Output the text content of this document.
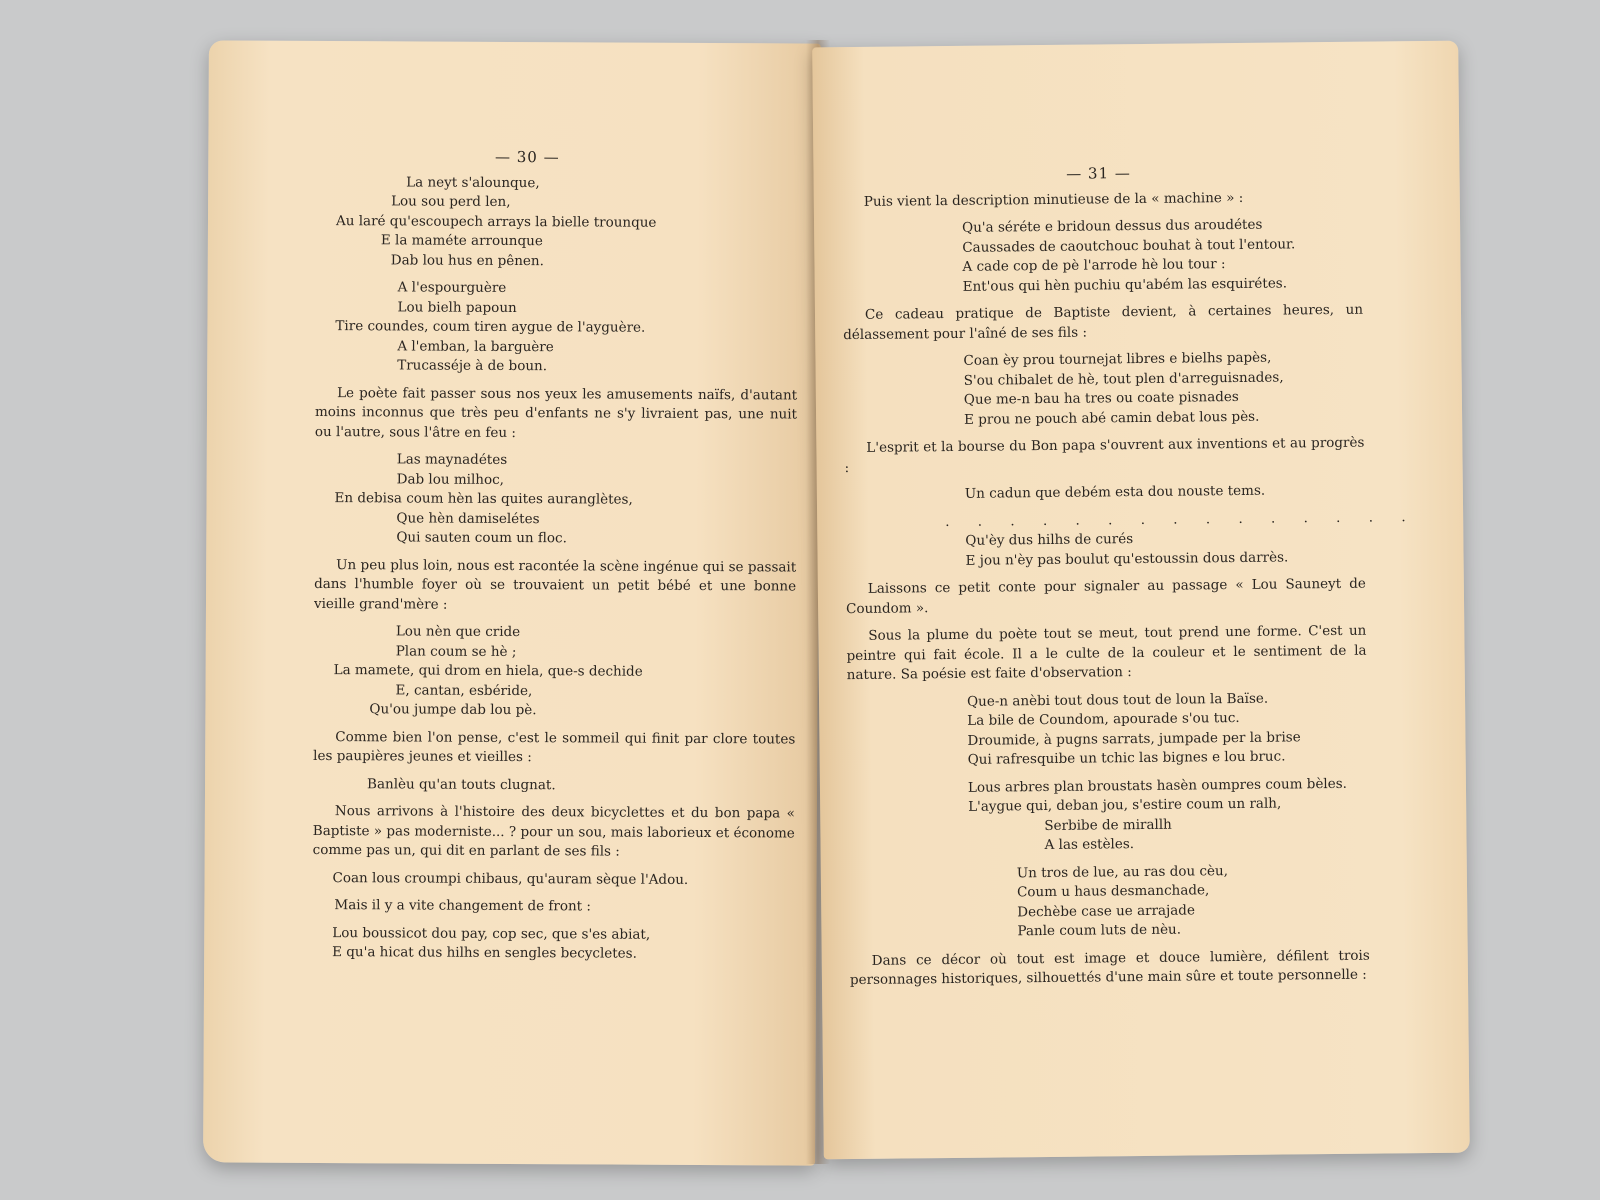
— 30 —
La neyt s'alounque,
Lou sou perd len,
Au laré qu'escoupech arrays la bielle trounque
E la maméte arrounque
Dab lou hus en pênen.
A l'espourguère
Lou bielh papoun
Tire coundes, coum tiren aygue de l'ayguère.
A l'emban, la barguère
Trucasséje à de boun.
Le poète fait passer sous nos yeux les amusements naïfs, d'autant moins inconnus que très peu d'enfants ne s'y livraient pas, une nuit ou l'autre, sous l'âtre en feu :
Las maynadétes
Dab lou milhoc,
En debisa coum hèn las quites auranglètes,
Que hèn damiselétes
Qui sauten coum un floc.
Un peu plus loin, nous est racontée la scène ingénue qui se passait dans l'humble foyer où se trouvaient un petit bébé et une bonne vieille grand'mère :
Lou nèn que cride
Plan coum se hè ;
La mamete, qui drom en hiela, que-s dechide
E, cantan, esbéride,
Qu'ou jumpe dab lou pè.
Comme bien l'on pense, c'est le sommeil qui finit par clore toutes les paupières jeunes et vieilles :
Banlèu qu'an touts clugnat.
Nous arrivons à l'histoire des deux bicyclettes et du bon papa « Baptiste » pas moderniste... ? pour un sou, mais laborieux et économe comme pas un, qui dit en parlant de ses fils :
Coan lous croumpi chibaus, qu'auram sèque l'Adou.
Mais il y a vite changement de front :
Lou boussicot dou pay, cop sec, que s'es abiat,
E qu'a hicat dus hilhs en sengles becycletes.
— 31 —
Puis vient la description minutieuse de la « machine » :
Qu'a séréte e bridoun dessus dus aroudétes
Caussades de caoutchouc bouhat à tout l'entour.
A cade cop de pè l'arrode hè lou tour :
Ent'ous qui hèn puchiu qu'abém las esquirétes.
Ce cadeau pratique de Baptiste devient, à certaines heures, un délassement pour l'aîné de ses fils :
Coan èy prou tournejat libres e bielhs papès,
S'ou chibalet de hè, tout plen d'arreguisnades,
Que me-n bau ha tres ou coate pisnades
E prou ne pouch abé camin debat lous pès.
L'esprit et la bourse du Bon papa s'ouvrent aux inventions et au progrès :
Un cadun que debém esta dou nouste tems.
. . . . . . . . . . . . . . .
Qu'èy dus hilhs de curés
E jou n'èy pas boulut qu'estoussin dous darrès.
Laissons ce petit conte pour signaler au passage « Lou Sauneyt de Coundom ».
Sous la plume du poète tout se meut, tout prend une forme. C'est un peintre qui fait école. Il a le culte de la couleur et le sentiment de la nature. Sa poésie est faite d'observation :
Que-n anèbi tout dous tout de loun la Baïse.
La bile de Coundom, apourade s'ou tuc.
Droumide, à pugns sarrats, jumpade per la brise
Qui rafresquibe un tchic las bignes e lou bruc.
Lous arbres plan broustats hasèn oumpres coum bèles.
L'aygue qui, deban jou, s'estire coum un ralh,
Serbibe de mirallh
A las estèles.
Un tros de lue, au ras dou cèu,
Coum u haus desmanchade,
Dechèbe case ue arrajade
Panle coum luts de nèu.
Dans ce décor où tout est image et douce lumière, défilent trois personnages historiques, silhouettés d'une main sûre et toute personnelle :
